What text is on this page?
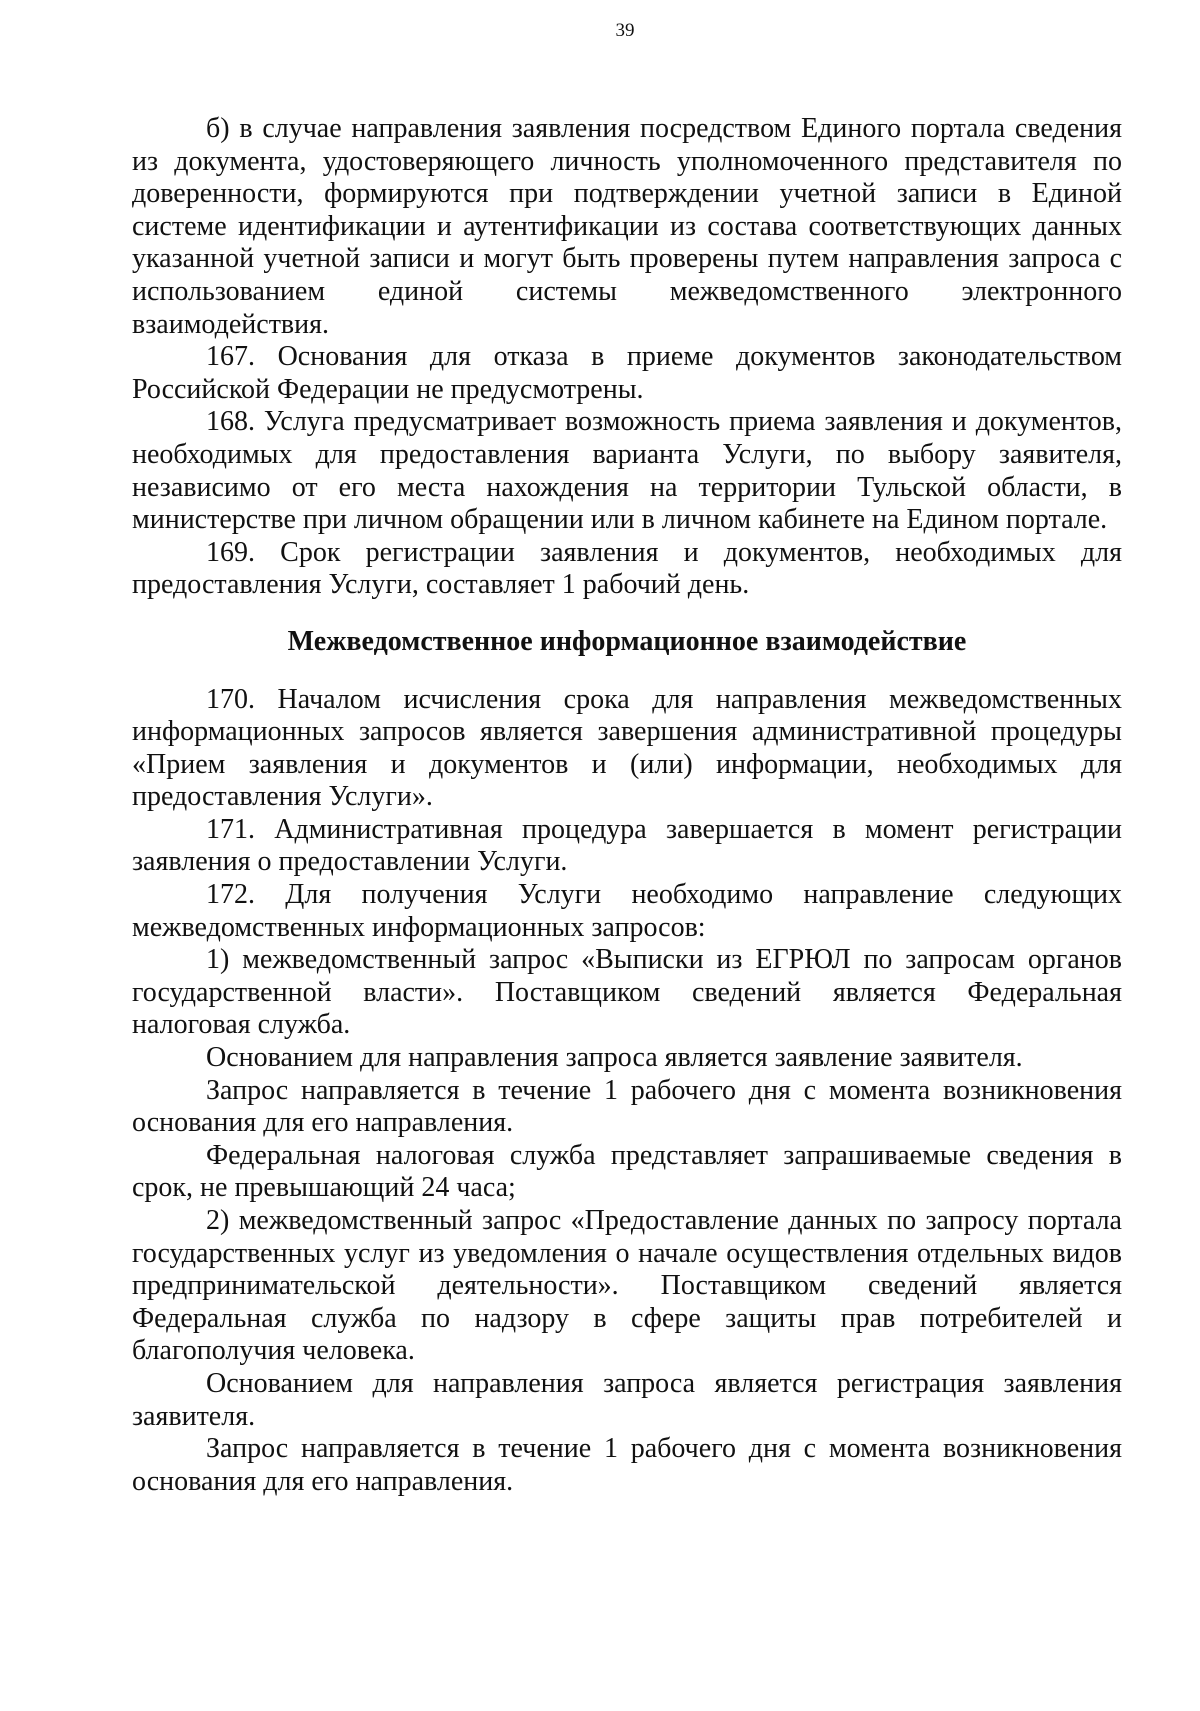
39

б) в случае направления заявления посредством Единого портала сведения из документа, удостоверяющего личность уполномоченного представителя по доверенности, формируются при подтверждении учетной записи в Единой системе идентификации и аутентификации из состава соответствующих данных указанной учетной записи и могут быть проверены путем направления запроса с использованием единой системы межведомственного электронного взаимодействия.

167. Основания для отказа в приеме документов законодательством Российской Федерации не предусмотрены.

168. Услуга предусматривает возможность приема заявления и документов, необходимых для предоставления варианта Услуги, по выбору заявителя, независимо от его места нахождения на территории Тульской области, в министерстве при личном обращении или в личном кабинете на Едином портале.

169. Срок регистрации заявления и документов, необходимых для предоставления Услуги, составляет 1 рабочий день.

Межведомственное информационное взаимодействие

170. Началом исчисления срока для направления межведомственных информационных запросов является завершения административной процедуры «Прием заявления и документов и (или) информации, необходимых для предоставления Услуги».

171. Административная процедура завершается в момент регистрации заявления о предоставлении Услуги.

172. Для получения Услуги необходимо направление следующих межведомственных информационных запросов:

1) межведомственный запрос «Выписки из ЕГРЮЛ по запросам органов государственной власти». Поставщиком сведений является Федеральная налоговая служба.

Основанием для направления запроса является заявление заявителя.

Запрос направляется в течение 1 рабочего дня с момента возникновения основания для его направления.

Федеральная налоговая служба представляет запрашиваемые сведения в срок, не превышающий 24 часа;

2) межведомственный запрос «Предоставление данных по запросу портала государственных услуг из уведомления о начале осуществления отдельных видов предпринимательской деятельности». Поставщиком сведений является Федеральная служба по надзору в сфере защиты прав потребителей и благополучия человека.

Основанием для направления запроса является регистрация заявления заявителя.

Запрос направляется в течение 1 рабочего дня с момента возникновения основания для его направления.
